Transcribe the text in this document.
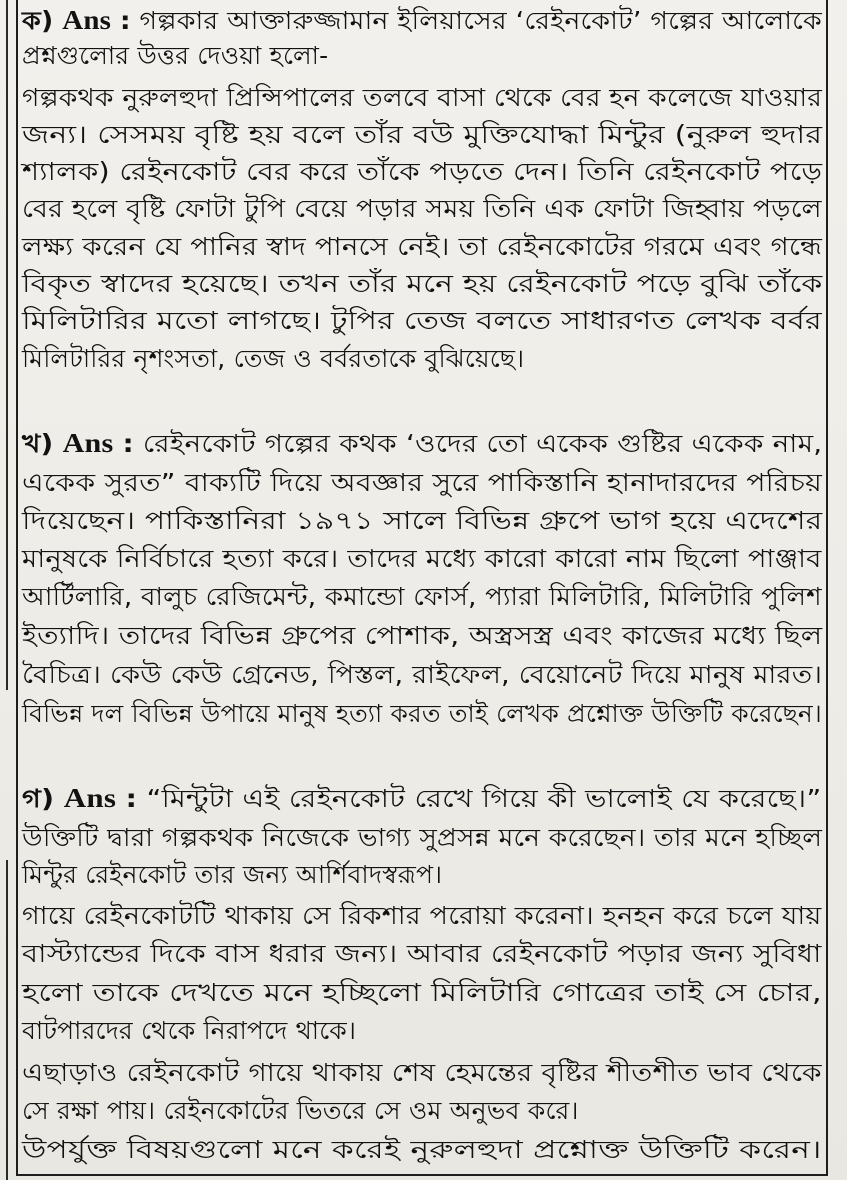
ক) Ans : গল্পকার আক্তারুজ্জামান ইলিয়াসের ‘রেইনকোট’ গল্পের আলোকে
প্রশ্নগুলোর উত্তর দেওয়া হলো-
গল্পকথক নুরুলহুদা প্রিন্সিপালের তলবে বাসা থেকে বের হন কলেজে যাওয়ার
জন্য। সেসময় বৃষ্টি হয় বলে তাঁর বউ মুক্তিযোদ্ধা মিন্টুর (নুরুল হুদার
শ্যালক) রেইনকোট বের করে তাঁকে পড়তে দেন। তিনি রেইনকোট পড়ে
বের হলে বৃষ্টি ফোটা টুপি বেয়ে পড়ার সময় তিনি এক ফোটা জিহ্বায় পড়লে
লক্ষ্য করেন যে পানির স্বাদ পানসে নেই। তা রেইনকোটের গরমে এবং গন্ধে
বিকৃত স্বাদের হয়েছে। তখন তাঁর মনে হয় রেইনকোট পড়ে বুঝি তাঁকে
মিলিটারির মতো লাগছে। টুপির তেজ বলতে সাধারণত লেখক বর্বর
মিলিটারির নৃশংসতা, তেজ ও বর্বরতাকে বুঝিয়েছে।
খ) Ans : রেইনকোট গল্পের কথক ‘ওদের তো একেক গুষ্টির একেক নাম,
একেক সুরত” বাক্যটি দিয়ে অবজ্ঞার সুরে পাকিস্তানি হানাদারদের পরিচয়
দিয়েছেন। পাকিস্তানিরা ১৯৭১ সালে বিভিন্ন গ্রুপে ভাগ হয়ে এদেশের
মানুষকে নির্বিচারে হত্যা করে। তাদের মধ্যে কারো কারো নাম ছিলো পাঞ্জাব
আর্টিলারি, বালুচ রেজিমেন্ট, কমান্ডো ফোর্স, প্যারা মিলিটারি, মিলিটারি পুলিশ
ইত্যাদি। তাদের বিভিন্ন গ্রুপের পোশাক, অস্ত্রসস্ত্র এবং কাজের মধ্যে ছিল
বৈচিত্র। কেউ কেউ গ্রেনেড, পিস্তল, রাইফেল, বেয়োনেট দিয়ে মানুষ মারত।
বিভিন্ন দল বিভিন্ন উপায়ে মানুষ হত্যা করত তাই লেখক প্রশ্নোক্ত উক্তিটি করেছেন।
গ) Ans : “মিন্টুটা এই রেইনকোট রেখে গিয়ে কী ভালোই যে করেছে।”
উক্তিটি দ্বারা গল্পকথক নিজেকে ভাগ্য সুপ্রসন্ন মনে করেছেন। তার মনে হচ্ছিল
মিন্টুর রেইনকোট তার জন্য আর্শিবাদস্বরূপ।
গায়ে রেইনকোটটি থাকায় সে রিকশার পরোয়া করেনা। হনহন করে চলে যায়
বাস্ট্যান্ডের দিকে বাস ধরার জন্য। আবার রেইনকোট পড়ার জন্য সুবিধা
হলো তাকে দেখতে মনে হচ্ছিলো মিলিটারি গোত্রের তাই সে চোর,
বাটপারদের থেকে নিরাপদে থাকে।
এছাড়াও রেইনকোট গায়ে থাকায় শেষ হেমন্তের বৃষ্টির শীতশীত ভাব থেকে
সে রক্ষা পায়। রেইনকোটের ভিতরে সে ওম অনুভব করে।
উপর্যুক্ত বিষয়গুলো মনে করেই নুরুলহুদা প্রশ্নোক্ত উক্তিটি করেন।
